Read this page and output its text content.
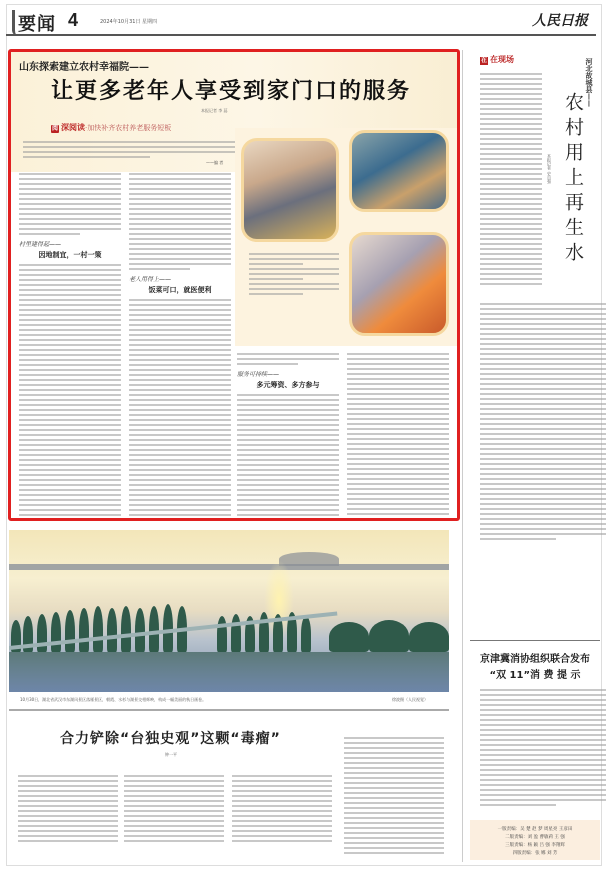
要闻 4	2024年10月31日 星期四	人民日报
山东探索建立农村幸福院——
让更多老年人享受到家门口的服务
本报记者 李 蕊
阅 深阅读·加快补齐农村养老服务短板
——编 者
村里建得起——
因地制宜，一村一策
老人用得上——
饭菜可口，就医便利
服务可持续——
多元筹资、多方参与
10月30日，湖北省武汉市东湖风景区落雁景区，朝霞、水杉与湖景交相辉映，构成一幅美丽的秋日画卷。	徐波摄（人民视觉）
合力铲除“台独史观”这颗“毒瘤”
钟一平
在 在现场	河北故城县——
农村用上再生水
本报记者 史自强
京津冀消协组织联合发布
“双 11”消 费 提 示
一版责编：吴 楚 赵 梦 周星亮 王彦田
二版责编：刘 盈 曹敏莉 王 强
三版责编：杨 颖 吕 强 李翔辉
四版责编：张 娜 刘 芳
